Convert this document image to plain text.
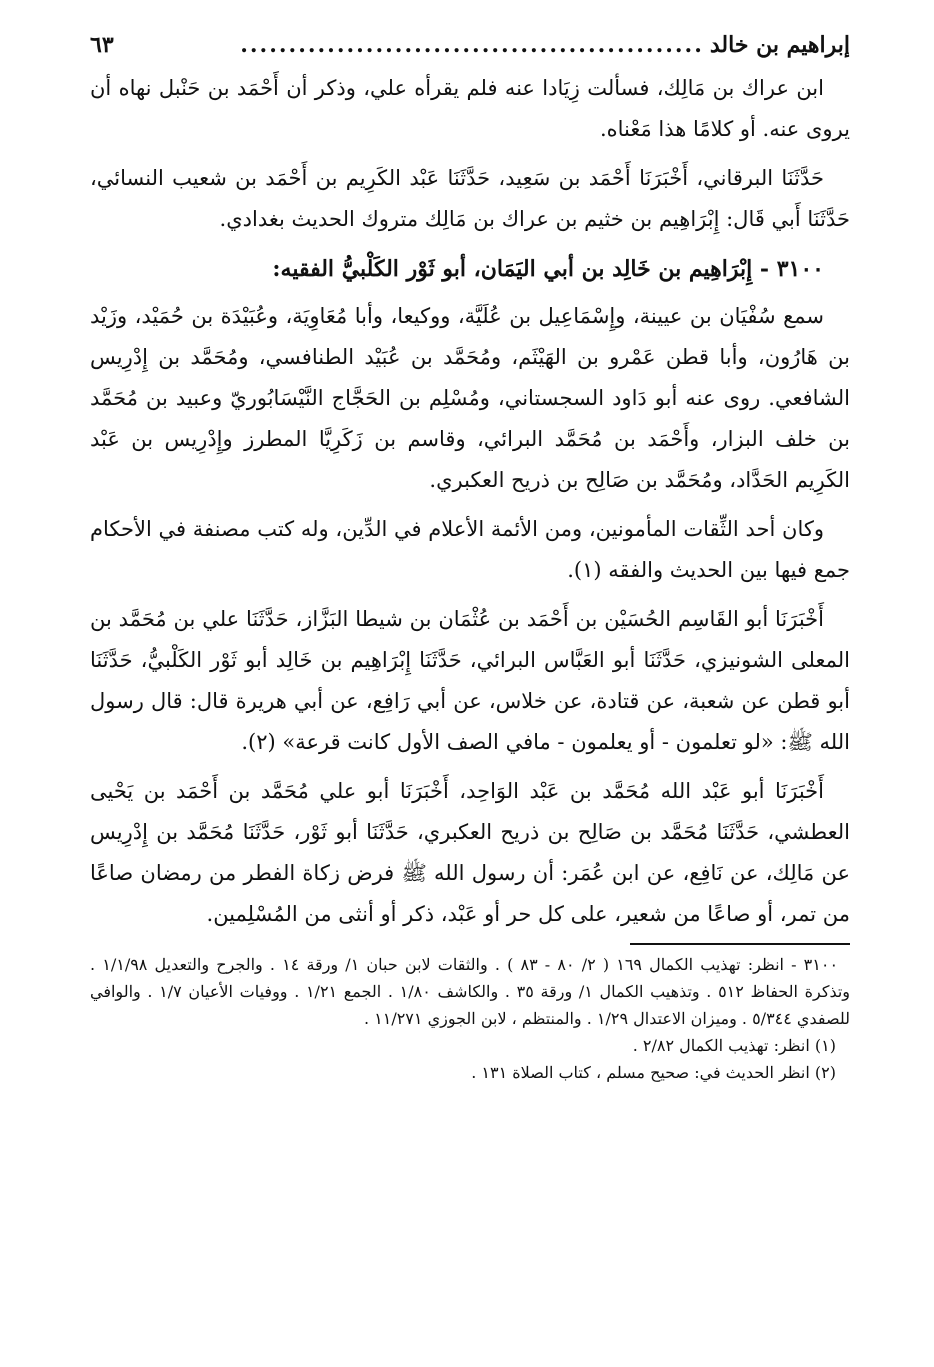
إبراهيم بن خالد
................................................
٦٣

ابن عراك بن مَالِك، فسألت زِيَادا عنه فلم يقرأه علي، وذكر أن أَحْمَد بن حَنْبل نهاه أن يروى عنه. أو كلامًا هذا مَعْناه.

حَدَّثَنَا البرقاني، أَخْبَرَنَا أَحْمَد بن سَعِيد، حَدَّثَنَا عَبْد الكَرِيم بن أَحْمَد بن شعيب النسائي، حَدَّثَنَا أَبي قَال: إِبْرَاهِيم بن خثيم بن عراك بن مَالِك متروك الحديث بغدادي.

٣١٠٠ - إِبْرَاهِيم بن خَالِد بن أبي اليَمَان، أبو ثَوْر الكَلْبيُّ الفقيه:

سمع سُفْيَان بن عيينة، وإِسْمَاعِيل بن عُلَيَّة، ووكيعا، وأبا مُعَاوِيَة، وعُبَيْدَة بن حُمَيْد، وزَيْد بن هَارُون، وأبا قطن عَمْرو بن الهَيْثَم، ومُحَمَّد بن عُبَيْد الطنافسي، ومُحَمَّد بن إِدْرِيس الشافعي. روى عنه أبو دَاود السجستاني، ومُسْلِم بن الحَجَّاج النَّيْسَابُوريّ وعبيد بن مُحَمَّد بن خلف البزار، وأَحْمَد بن مُحَمَّد البرائي، وقاسم بن زَكَرِيَّا المطرز وإِدْرِيس بن عَبْد الكَرِيم الحَدَّاد، ومُحَمَّد بن صَالِح بن ذريح العكبري.

وكان أحد الثِّقات المأمونين، ومن الأئمة الأعلام في الدِّين، وله كتب مصنفة في الأحكام جمع فيها بين الحديث والفقه (١).

أَخْبَرَنَا أبو القَاسِم الحُسَيْن بن أَحْمَد بن عُثْمَان بن شيطا البَزَّاز، حَدَّثَنَا علي بن مُحَمَّد بن المعلى الشونيزي، حَدَّثَنَا أبو العَبَّاس البرائي، حَدَّثَنَا إِبْرَاهِيم بن خَالِد أبو ثَوْر الكَلْبيُّ، حَدَّثَنَا أبو قطن عن شعبة، عن قتادة، عن خلاس، عن أبي رَافِع، عن أبي هريرة قال: قال رسول الله ﷺ: «لو تعلمون - أو يعلمون - مافي الصف الأول كانت قرعة» (٢).

أَخْبَرَنَا أبو عَبْد الله مُحَمَّد بن عَبْد الوَاحِد، أَخْبَرَنَا أبو علي مُحَمَّد بن أَحْمَد بن يَحْيى العطشي، حَدَّثَنَا مُحَمَّد بن صَالِح بن ذريح العكبري، حَدَّثَنَا أبو ثَوْر، حَدَّثَنَا مُحَمَّد بن إِدْرِيس عن مَالِك، عن نَافِع، عن ابن عُمَر: أن رسول الله ﷺ فرض زكاة الفطر من رمضان صاعًا من تمر، أو صاعًا من شعير، على كل حر أو عَبْد، ذكر أو أنثى من المُسْلِمين.

٣١٠٠ - انظر: تهذيب الكمال ١٦٩ ( ٢/ ٨٠ - ٨٣ ) . والثقات لابن حبان ١/ ورقة ١٤ . والجرح والتعديل ١/١/٩٨ . وتذكرة الحفاظ ٥١٢ . وتذهيب الكمال ١/ ورقة ٣٥ . والكاشف ١/٨٠ . الجمع ١/٢١ . ووفيات الأعيان ١/٧ . والوافي للصفدي ٥/٣٤٤ . وميزان الاعتدال ١/٢٩ . والمنتظم ، لابن الجوزي ١١/٢٧١ .

(١) انظر: تهذيب الكمال ٢/٨٢ .

(٢) انظر الحديث في: صحيح مسلم ، كتاب الصلاة ١٣١ .
